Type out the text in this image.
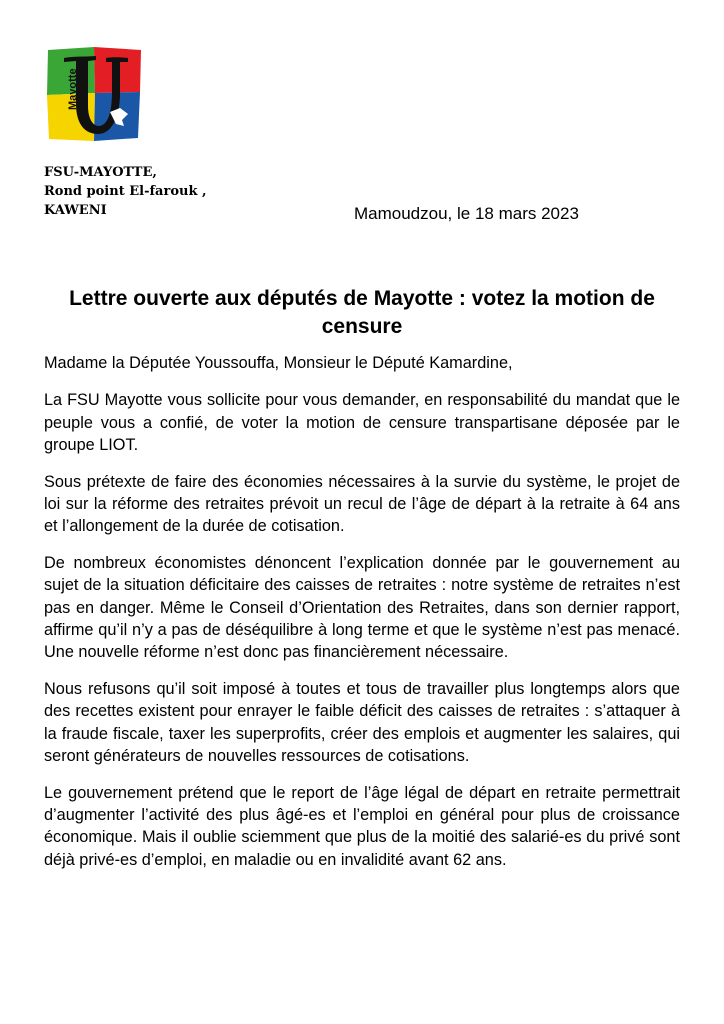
Mayotte
FSU-MAYOTTE,
Rond point El-farouk ,
KAWENI	Mamoudzou, le 18 mars 2023
Lettre ouverte aux députés de Mayotte : votez la motion de censure

Madame la Députée Youssouffa, Monsieur le Député Kamardine,

La FSU Mayotte vous sollicite pour vous demander, en responsabilité du mandat que le peuple vous a confié, de voter la motion de censure transpartisane déposée par le groupe LIOT.

Sous prétexte de faire des économies nécessaires à la survie du système, le projet de loi sur la réforme des retraites prévoit un recul de l’âge de départ à la retraite à 64 ans et l’allongement de la durée de cotisation.

De nombreux économistes dénoncent l’explication donnée par le gouvernement au sujet de la situation déficitaire des caisses de retraites : notre système de retraites n’est pas en danger. Même le Conseil d’Orientation des Retraites, dans son dernier rapport, affirme qu’il n’y a pas de déséquilibre à long terme et que le système n’est pas menacé. Une nouvelle réforme n’est donc pas financièrement nécessaire.

Nous refusons qu’il soit imposé à toutes et tous de travailler plus longtemps alors que des recettes existent pour enrayer le faible déficit des caisses de retraites : s’attaquer à la fraude fiscale, taxer les superprofits, créer des emplois et augmenter les salaires, qui seront générateurs de nouvelles ressources de cotisations.

Le gouvernement prétend que le report de l’âge légal de départ en retraite permettrait d’augmenter l’activité des plus âgé-es et l’emploi en général pour plus de croissance économique. Mais il oublie sciemment que plus de la moitié des salarié-es du privé sont déjà privé-es d’emploi, en maladie ou en invalidité avant 62 ans.
